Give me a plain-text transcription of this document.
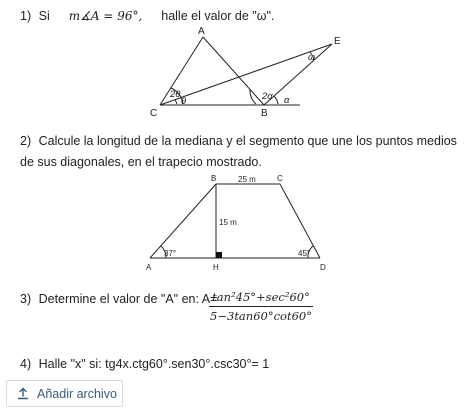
1) Si m∡A = 96°, halle el valor de "ω".
A
E
C	B
2θ
θ	2α α
ω
2) Calcule la longitud de la mediana y el segmento que une los puntos medios de sus diagonales, en el trapecio mostrado.
B	C
A	H	D
25 m
15 m
37°	45°
3) Determine el valor de "A" en: A=
tan²45°+sec²60°
5−3tan60°cot60°
4) Halle "x" si: tg4x.ctg60°.sen30°.csc30°= 1
Añadir archivo
